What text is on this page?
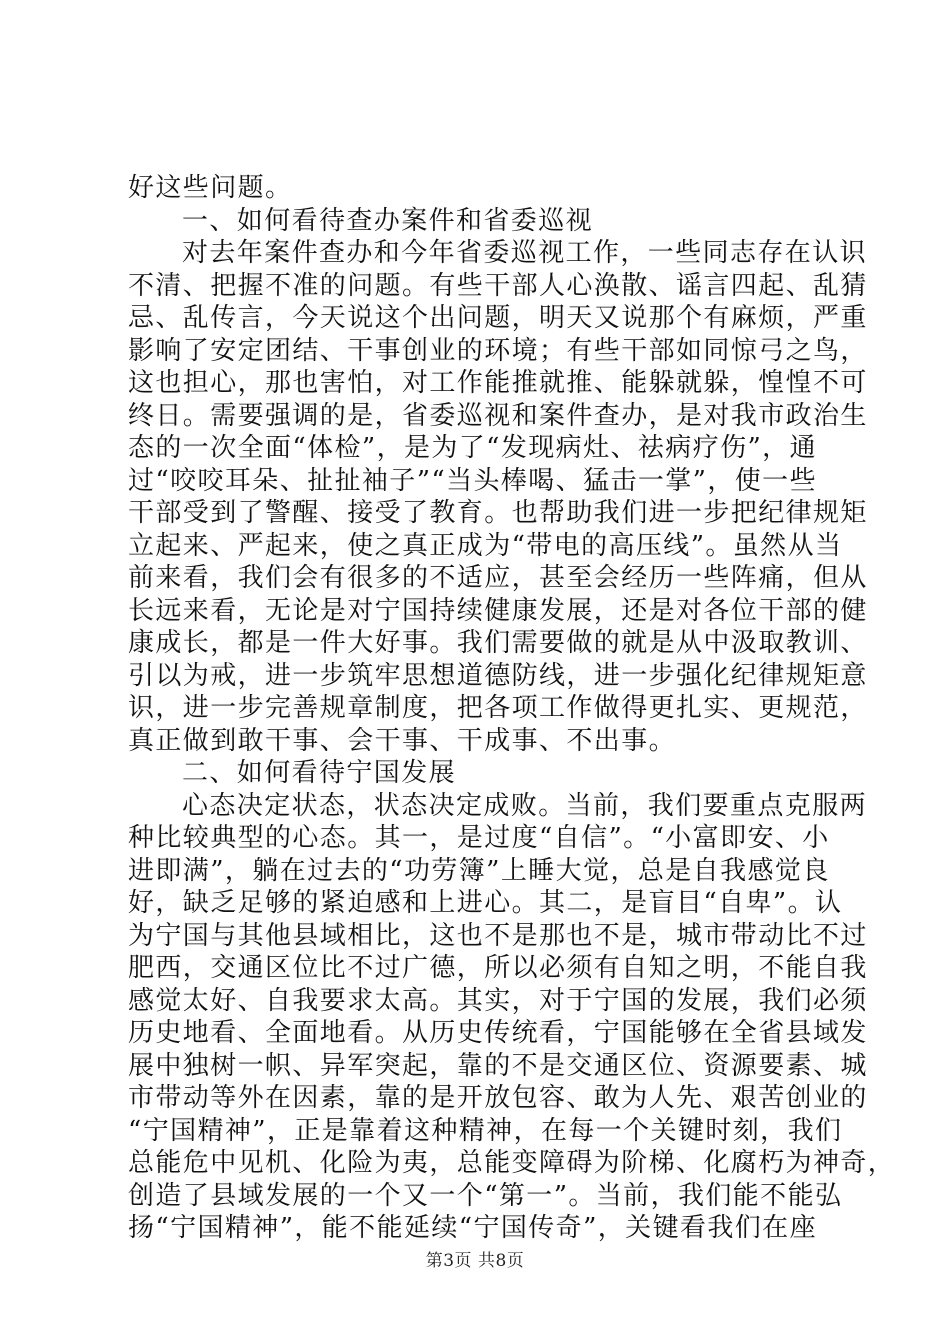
好这些问题。
一、如何看待查办案件和省委巡视
对去年案件查办和今年省委巡视工作，一些同志存在认识
不清、把握不准的问题。有些干部人心涣散、谣言四起、乱猜
忌、乱传言，今天说这个出问题，明天又说那个有麻烦，严重
影响了安定团结、干事创业的环境；有些干部如同惊弓之鸟，
这也担心，那也害怕，对工作能推就推、能躲就躲，惶惶不可
终日。需要强调的是，省委巡视和案件查办，是对我市政治生
态的一次全面“体检”，是为了“发现病灶、祛病疗伤”，通
过“咬咬耳朵、扯扯袖子”“当头棒喝、猛击一掌”，使一些
干部受到了警醒、接受了教育。也帮助我们进一步把纪律规矩
立起来、严起来，使之真正成为“带电的高压线”。虽然从当
前来看，我们会有很多的不适应，甚至会经历一些阵痛，但从
长远来看，无论是对宁国持续健康发展，还是对各位干部的健
康成长，都是一件大好事。我们需要做的就是从中汲取教训、
引以为戒，进一步筑牢思想道德防线，进一步强化纪律规矩意
识，进一步完善规章制度，把各项工作做得更扎实、更规范，
真正做到敢干事、会干事、干成事、不出事。
二、如何看待宁国发展
心态决定状态，状态决定成败。当前，我们要重点克服两
种比较典型的心态。其一，是过度“自信”。“小富即安、小
进即满”，躺在过去的“功劳簿”上睡大觉，总是自我感觉良
好，缺乏足够的紧迫感和上进心。其二，是盲目“自卑”。认
为宁国与其他县域相比，这也不是那也不是，城市带动比不过
肥西，交通区位比不过广德，所以必须有自知之明，不能自我
感觉太好、自我要求太高。其实，对于宁国的发展，我们必须
历史地看、全面地看。从历史传统看，宁国能够在全省县域发
展中独树一帜、异军突起，靠的不是交通区位、资源要素、城
市带动等外在因素，靠的是开放包容、敢为人先、艰苦创业的
“宁国精神”，正是靠着这种精神，在每一个关键时刻，我们
总能危中见机、化险为夷，总能变障碍为阶梯、化腐朽为神奇，
创造了县域发展的一个又一个“第一”。当前，我们能不能弘
扬“宁国精神”，能不能延续“宁国传奇”，关键看我们在座
第3页 共8页
